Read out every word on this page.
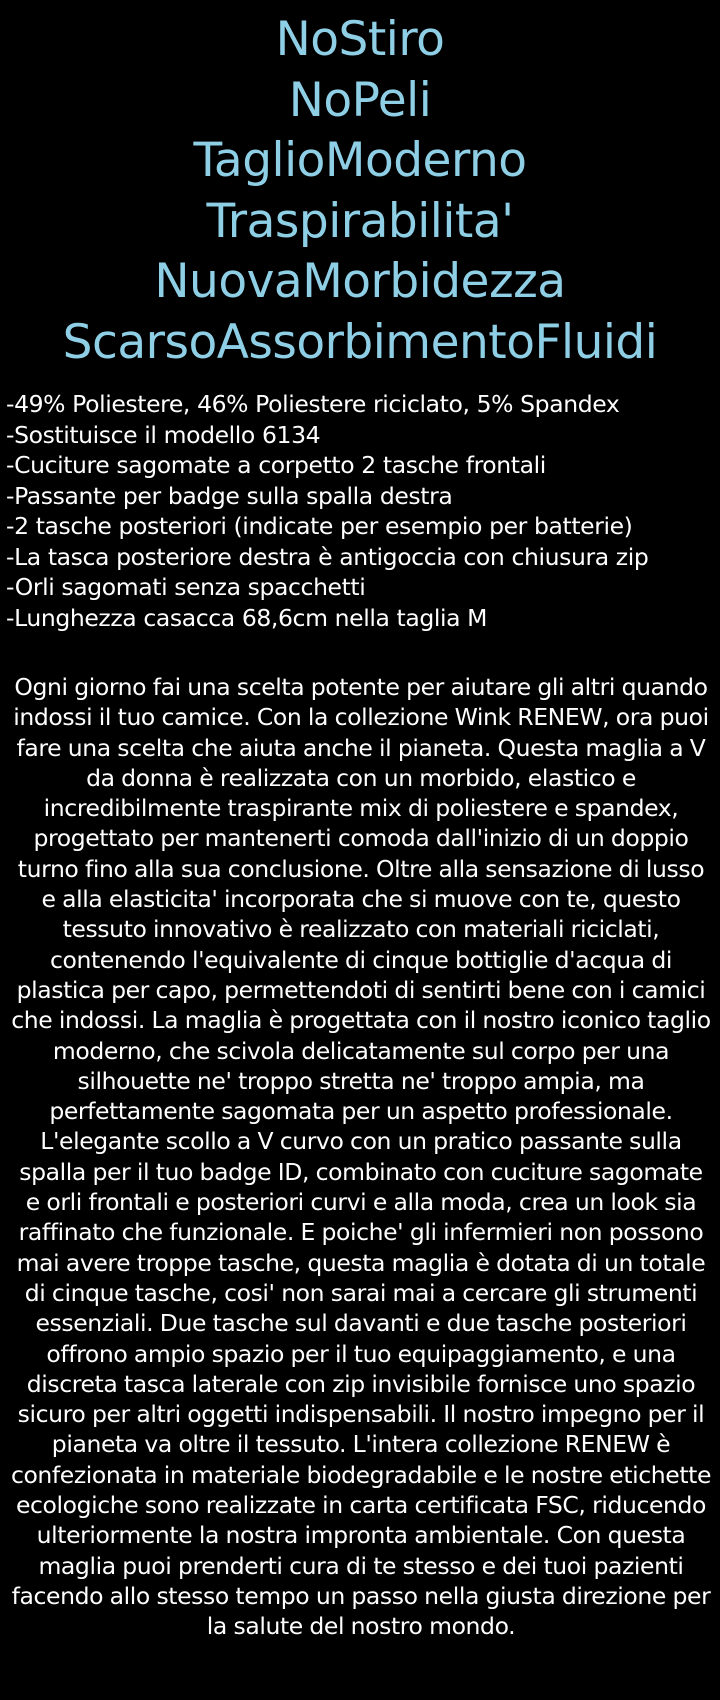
NoStiro
NoPeli
TaglioModerno
Traspirabilita'
NuovaMorbidezza
ScarsoAssorbimentoFluidi
-49% Poliestere, 46% Poliestere riciclato, 5% Spandex
-Sostituisce il modello 6134
-Cuciture sagomate a corpetto 2 tasche frontali
-Passante per badge sulla spalla destra
-2 tasche posteriori (indicate per esempio per batterie)
-La tasca posteriore destra è antigoccia con chiusura zip
-Orli sagomati senza spacchetti
-Lunghezza casacca 68,6cm nella taglia M
Ogni giorno fai una scelta potente per aiutare gli altri quando indossi il tuo camice. Con la collezione Wink RENEW, ora puoi fare una scelta che aiuta anche il pianeta. Questa maglia a V da donna è realizzata con un morbido, elastico e incredibilmente traspirante mix di poliestere e spandex, progettato per mantenerti comoda dall'inizio di un doppio turno fino alla sua conclusione. Oltre alla sensazione di lusso e alla elasticita' incorporata che si muove con te, questo tessuto innovativo è realizzato con materiali riciclati, contenendo l'equivalente di cinque bottiglie d'acqua di plastica per capo, permettendoti di sentirti bene con i camici che indossi. La maglia è progettata con il nostro iconico taglio moderno, che scivola delicatamente sul corpo per una silhouette ne' troppo stretta ne' troppo ampia, ma perfettamente sagomata per un aspetto professionale. L'elegante scollo a V curvo con un pratico passante sulla spalla per il tuo badge ID, combinato con cuciture sagomate e orli frontali e posteriori curvi e alla moda, crea un look sia raffinato che funzionale. E poiche' gli infermieri non possono mai avere troppe tasche, questa maglia è dotata di un totale di cinque tasche, cosi' non sarai mai a cercare gli strumenti essenziali. Due tasche sul davanti e due tasche posteriori offrono ampio spazio per il tuo equipaggiamento, e una discreta tasca laterale con zip invisibile fornisce uno spazio sicuro per altri oggetti indispensabili. Il nostro impegno per il pianeta va oltre il tessuto. L'intera collezione RENEW è confezionata in materiale biodegradabile e le nostre etichette ecologiche sono realizzate in carta certificata FSC, riducendo ulteriormente la nostra impronta ambientale. Con questa maglia puoi prenderti cura di te stesso e dei tuoi pazienti facendo allo stesso tempo un passo nella giusta direzione per la salute del nostro mondo.
